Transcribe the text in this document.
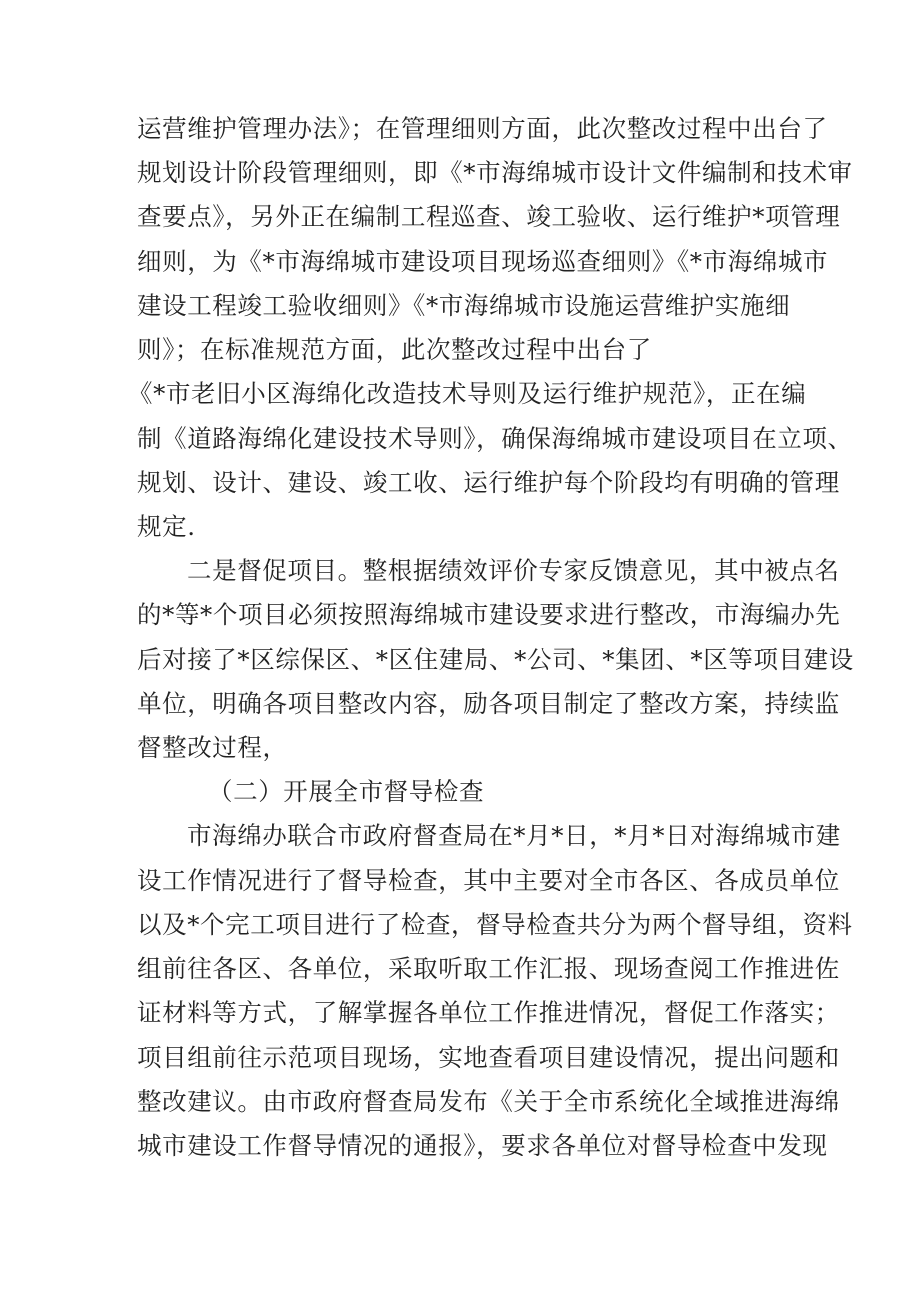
运营维护管理办法》；在管理细则方面，此次整改过程中出台了
规划设计阶段管理细则，即《*市海绵城市设计文件编制和技术审
查要点》，另外正在编制工程巡查、竣工验收、运行维护*项管理
细则，为《*市海绵城市建设项目现场巡查细则》《*市海绵城市
建设工程竣工验收细则》《*市海绵城市设施运营维护实施细
则》；在标准规范方面，此次整改过程中出台了
《*市老旧小区海绵化改造技术导则及运行维护规范》，正在编
制《道路海绵化建设技术导则》，确保海绵城市建设项目在立项、
规划、设计、建设、竣工收、运行维护每个阶段均有明确的管理
规定.
二是督促项目。整根据绩效评价专家反馈意见，其中被点名
的*等*个项目必须按照海绵城市建设要求进行整改，市海编办先
后对接了*区综保区、*区住建局、*公司、*集团、*区等项目建设
单位，明确各项目整改内容，励各项目制定了整改方案，持续监
督整改过程，
（二）开展全市督导检查
市海绵办联合市政府督查局在*月*日，*月*日对海绵城市建
设工作情况进行了督导检查，其中主要对全市各区、各成员单位
以及*个完工项目进行了检查，督导检查共分为两个督导组，资料
组前往各区、各单位，采取听取工作汇报、现场查阅工作推进佐
证材料等方式，了解掌握各单位工作推进情况，督促工作落实；
项目组前往示范项目现场，实地查看项目建设情况，提出问题和
整改建议。由市政府督查局发布《关于全市系统化全域推进海绵
城市建设工作督导情况的通报》，要求各单位对督导检查中发现
